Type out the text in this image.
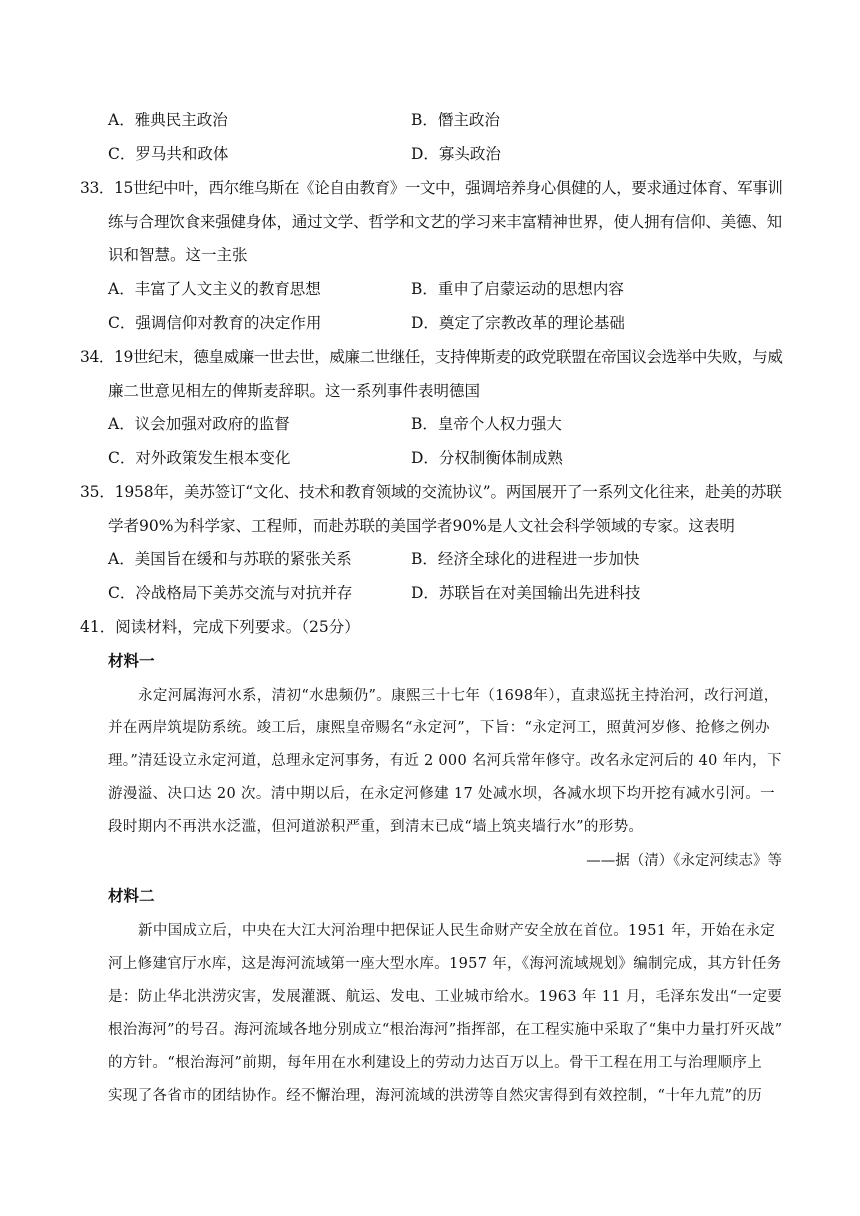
A．雅典民主政治	B．僭主政治
C．罗马共和政体	D．寡头政治
33．15世纪中叶，西尔维乌斯在《论自由教育》一文中，强调培养身心俱健的人，要求通过体育、军事训
练与合理饮食来强健身体，通过文学、哲学和文艺的学习来丰富精神世界，使人拥有信仰、美德、知
识和智慧。这一主张
A．丰富了人文主义的教育思想	B．重申了启蒙运动的思想内容
C．强调信仰对教育的决定作用	D．奠定了宗教改革的理论基础
34．19世纪末，德皇威廉一世去世，威廉二世继任，支持俾斯麦的政党联盟在帝国议会选举中失败，与威
廉二世意见相左的俾斯麦辞职。这一系列事件表明德国
A．议会加强对政府的监督	B．皇帝个人权力强大
C．对外政策发生根本变化	D．分权制衡体制成熟
35．1958年，美苏签订“文化、技术和教育领域的交流协议”。两国展开了一系列文化往来，赴美的苏联
学者90%为科学家、工程师，而赴苏联的美国学者90%是人文社会科学领域的专家。这表明
A．美国旨在缓和与苏联的紧张关系	B．经济全球化的进程进一步加快
C．冷战格局下美苏交流与对抗并存	D．苏联旨在对美国输出先进科技
41．阅读材料，完成下列要求。（25分）
材料一
永定河属海河水系，清初“水患频仍”。康熙三十七年（1698年），直隶巡抚主持治河，改行河道，
并在两岸筑堤防系统。竣工后，康熙皇帝赐名“永定河”，下旨：“永定河工，照黄河岁修、抢修之例办
理。”清廷设立永定河道，总理永定河事务，有近 2 000 名河兵常年修守。改名永定河后的 40 年内，下
游漫溢、决口达 20 次。清中期以后，在永定河修建 17 处减水坝，各减水坝下均开挖有减水引河。一
段时期内不再洪水泛滥，但河道淤积严重，到清末已成“墙上筑夹墙行水”的形势。
——据（清）《永定河续志》等
材料二
新中国成立后，中央在大江大河治理中把保证人民生命财产安全放在首位。1951 年，开始在永定
河上修建官厅水库，这是海河流域第一座大型水库。1957 年，《海河流域规划》编制完成，其方针任务
是：防止华北洪涝灾害，发展灌溉、航运、发电、工业城市给水。1963 年 11 月，毛泽东发出“一定要
根治海河”的号召。海河流域各地分别成立“根治海河”指挥部，在工程实施中采取了“集中力量打歼灭战”
的方针。“根治海河”前期，每年用在水利建设上的劳动力达百万以上。骨干工程在用工与治理顺序上
实现了各省市的团结协作。经不懈治理，海河流域的洪涝等自然灾害得到有效控制，“十年九荒”的历
